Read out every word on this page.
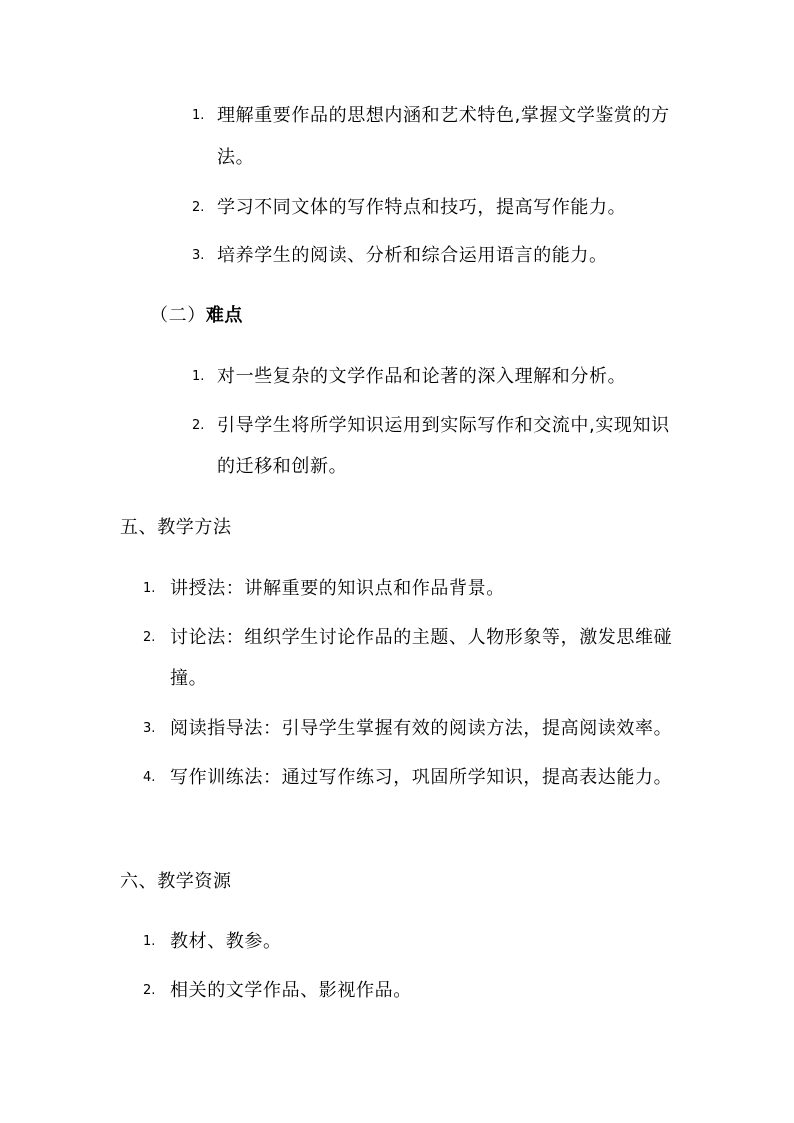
1. 理解重要作品的思想内涵和艺术特色,掌握文学鉴赏的方
法。
2. 学习不同文体的写作特点和技巧，提高写作能力。
3. 培养学生的阅读、分析和综合运用语言的能力。
（二）难点
1. 对一些复杂的文学作品和论著的深入理解和分析。
2. 引导学生将所学知识运用到实际写作和交流中,实现知识
的迁移和创新。
五、教学方法
1. 讲授法：讲解重要的知识点和作品背景。
2. 讨论法：组织学生讨论作品的主题、人物形象等，激发思维碰
撞。
3. 阅读指导法：引导学生掌握有效的阅读方法，提高阅读效率。
4. 写作训练法：通过写作练习，巩固所学知识，提高表达能力。
六、教学资源
1. 教材、教参。
2. 相关的文学作品、影视作品。
